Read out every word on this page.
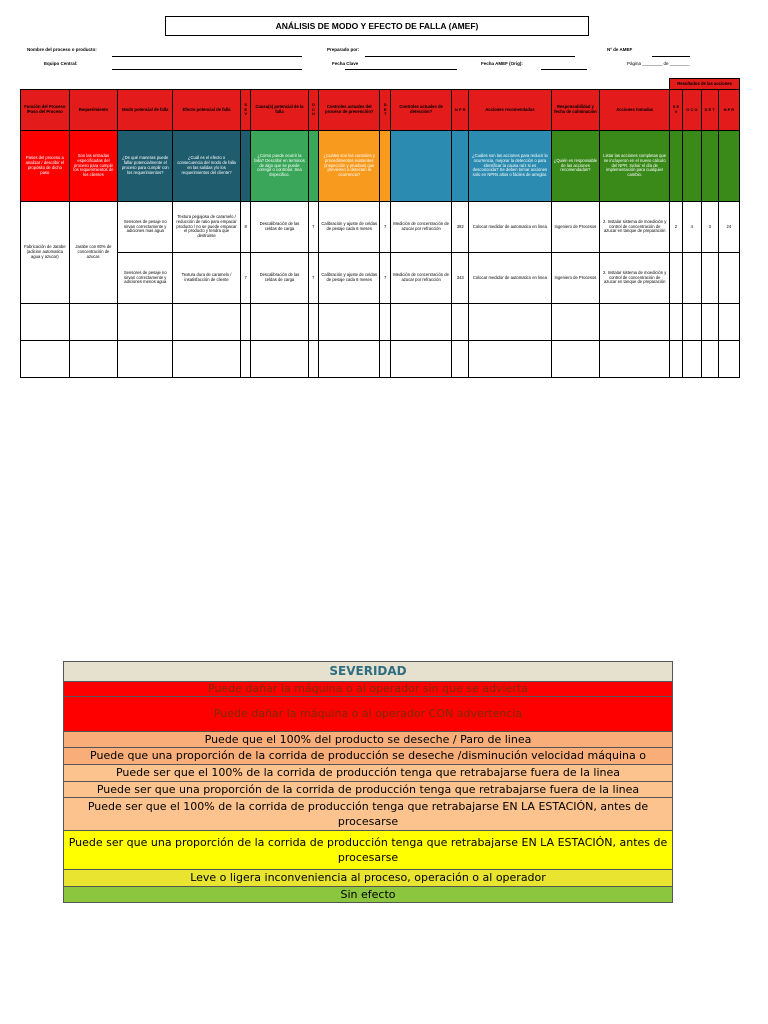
ANÁLISIS DE MODO Y EFECTO DE FALLA (AMEF)
Nombre del proceso o producto:
Equipo Central:
Preparado por:
Fecha Clave
Nº de AMEF
Fecha AMEF (Orig):	Página ________ de ________
														Resultados de las acciones			
Función del Proceso /Paso del Proceso	Requerimiento	Modo potencial de falla	Efecto potencial de falla	S E V	Causa(s) potencial de la falla	O C U	Controles actuales del proceso de prevención?	D E T	Controles actuales de detección?	N P R	Acciones recomendadas	Responsabilidad y fecha de culminación	Acciones tomadas	S E V	O C U	D E T	N P R
Pasos del proceso a analizar / describir el propósito de dicho paso	Son las entradas especificadas del proceso para cumplir los requerimientos de los clientes	¿De qué maneras puede fallar potencialmente el proceso para cumplir con los requerimientos?	¿Cuál es el efecto o consecuencia del modo de falla en las salidas y/o los requerimientos del cliente?		¿Como puede ocurrir la falla? Describir en terminos de algo que se puede corregir o controlar. Sea Especifico.		¿Cuáles son los controles y procedimientos existentes (inspección y pruebas) que previenen o detectan la ocurrencia?				¿Cuáles son las acciones para reducir la ocurrencia, mejorar la detección o para identificar la causa raíz si es desconocida? Se deben tomar acciones solo en NPRs altos o fáciles de arreglar.	¿Quién es responsable de las acciones recomendadas?	Listar las acciones completas que se incluyeron en el nuevo cálculo del NPR. Incluir el día de implementación para cualquier cambio.				
Fabricación de Jarabe (adicion automatica agua y azucar)	Jarabe con 80% de concentración de azucar.	Sensores de pesaje no sirvan correctamente y adiciones mas agua	Textura pegajosa de caramelo / reducción de ratio para empacar producto / no se puede empacar el producto y tendra que destruirse	8	Descalibración de las celdas de carga	7	Calibración y ajuste de celdas de pesaje cada 6 meses	7	Medición de concentración de azucar por refracción	392	Colocar medidor de automatico en linea	Ingeniero de Procesos	2. Instalar sistema de moedición y control de concentración de azucar en tanque de preparación	2	4	3	24
		Sensores de pesaje no sirvan correctamente y adiciones menos agua	Textura dura de caramelo / insatisfacción de cliente	7	Descalibración de las celdas de carga	7	Calibración y ajuste de celdas de pesaje cada 6 meses	7	Medición de concentración de azucar por refracción	343	Colocar medidor de automatico en linea	Ingeniero de Procesos	2. Instalar sistema de moedición y control de concentración de azucar en tanque de preparación				

SEVERIDAD
Puede dañar la máquina o al operador sin que se advierta
Puede dañar la máquina o al operador CON advertencia
Puede que el 100% del producto se deseche / Paro de linea

Puede que una proporción de la corrida de producción se deseche /disminución velocidad máquina o

Puede ser que el 100% de la corrida de producción tenga que retrabajarse fuera de la linea
Puede ser que una proporción de la corrida de producción tenga que retrabajarse fuera de la linea
Puede ser que el 100% de la corrida de producción tenga que retrabajarse EN LA ESTACIÓN, antes de procesarse
Puede ser que una proporción de la corrida de producción tenga que retrabajarse EN LA ESTACIÓN, antes de procesarse
Leve o ligera inconveniencia al proceso, operación o al operador
Sin efecto
